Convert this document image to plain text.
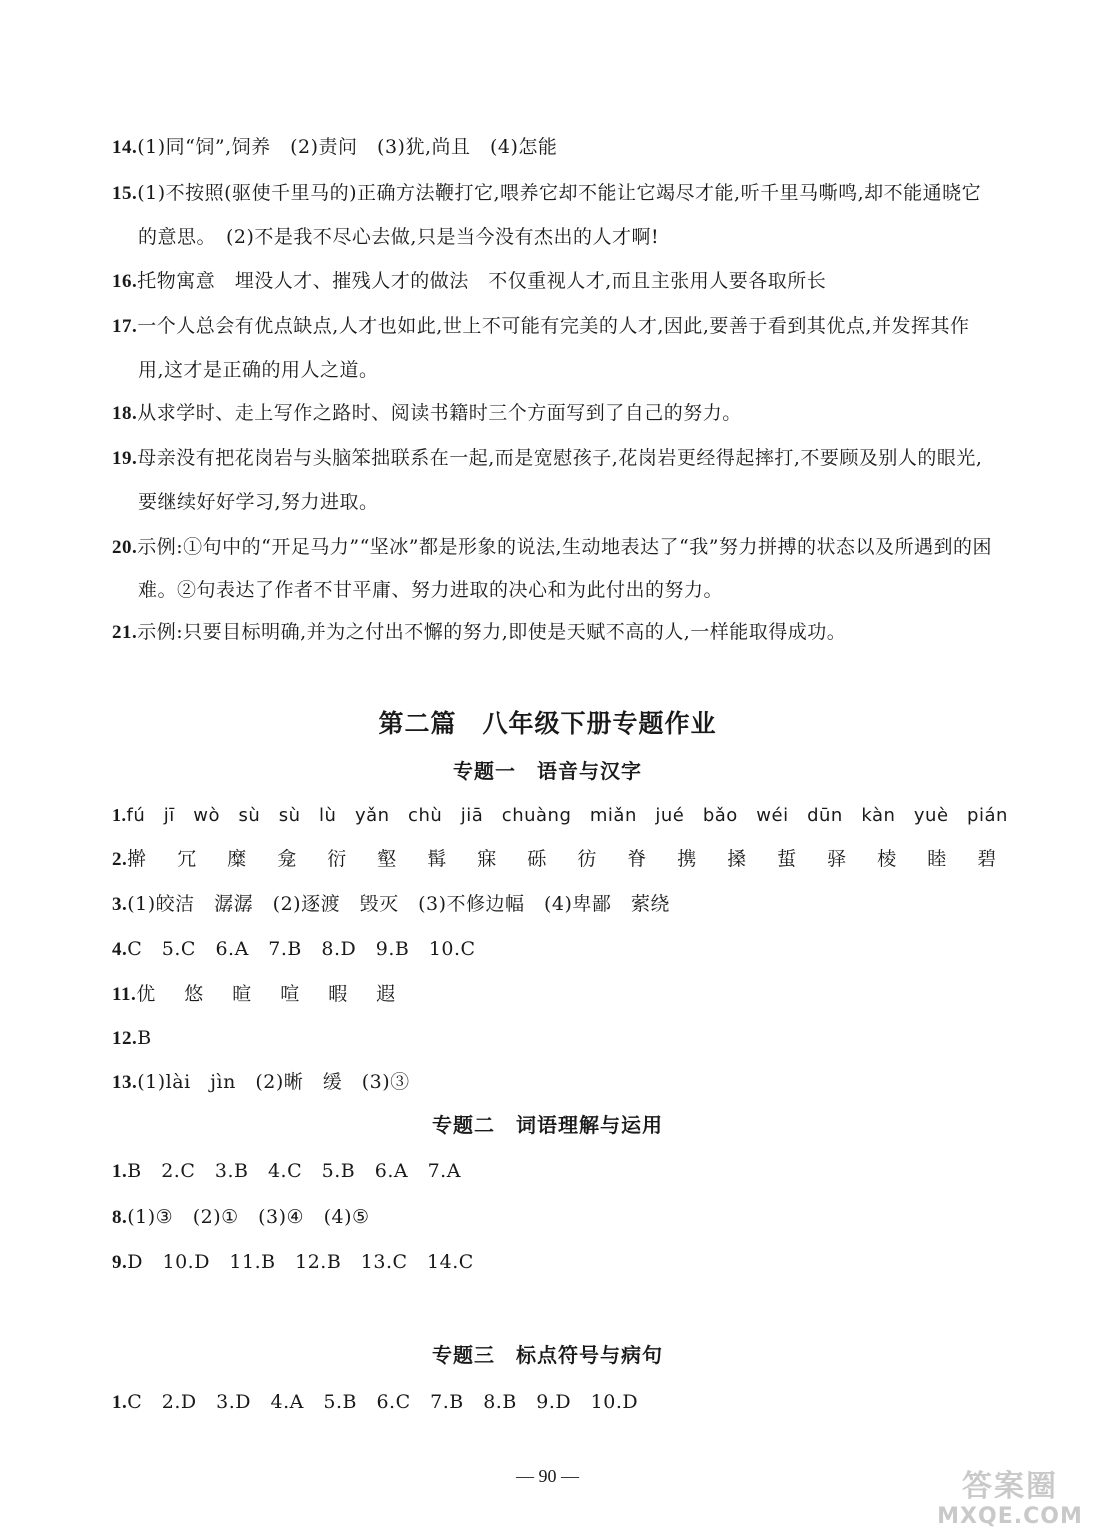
14.(1)同“饲”,饲养　(2)责问　(3)犹,尚且　(4)怎能
15.(1)不按照(驱使千里马的)正确方法鞭打它,喂养它却不能让它竭尽才能,听千里马嘶鸣,却不能通晓它
的意思。　(2)不是我不尽心去做,只是当今没有杰出的人才啊!
16.托物寓意　埋没人才、摧残人才的做法　不仅重视人才,而且主张用人要各取所长
17.一个人总会有优点缺点,人才也如此,世上不可能有完美的人才,因此,要善于看到其优点,并发挥其作
用,这才是正确的用人之道。
18.从求学时、走上写作之路时、阅读书籍时三个方面写到了自己的努力。
19.母亲没有把花岗岩与头脑笨拙联系在一起,而是宽慰孩子,花岗岩更经得起摔打,不要顾及别人的眼光,
要继续好好学习,努力进取。
20.示例:①句中的“开足马力”“坚冰”都是形象的说法,生动地表达了“我”努力拼搏的状态以及所遇到的困
难。②句表达了作者不甘平庸、努力进取的决心和为此付出的努力。
21.示例:只要目标明确,并为之付出不懈的努力,即使是天赋不高的人,一样能取得成功。
第二篇　八年级下册专题作业
专题一　语音与汉字
1.fú　jī　wò　sù　sù　lù　yǎn　chù　jiā　chuàng　miǎn　jué　bǎo　wéi　dūn　kàn　yuè　pián
2.擀　冗　糜　龛　衍　壑　髯　寐　砾　彷　脊　携　搡　蜇　驿　棱　睦　碧
3.(1)皎洁　潺潺　(2)逐渡　毁灭　(3)不修边幅　(4)卑鄙　萦绕
4.C　5.C　6.A　7.B　8.D　9.B　10.C
11.优　悠　暄　喧　暇　遐
12.B
13.(1)lài　jìn　(2)晰　缓　(3)③
专题二　词语理解与运用
1.B　2.C　3.B　4.C　5.B　6.A　7.A
8.(1)③　(2)①　(3)④　(4)⑤
9.D　10.D　11.B　12.B　13.C　14.C
专题三　标点符号与病句
1.C　2.D　3.D　4.A　5.B　6.C　7.B　8.B　9.D　10.D
— 90 —	答案圈
MXQE.COM
